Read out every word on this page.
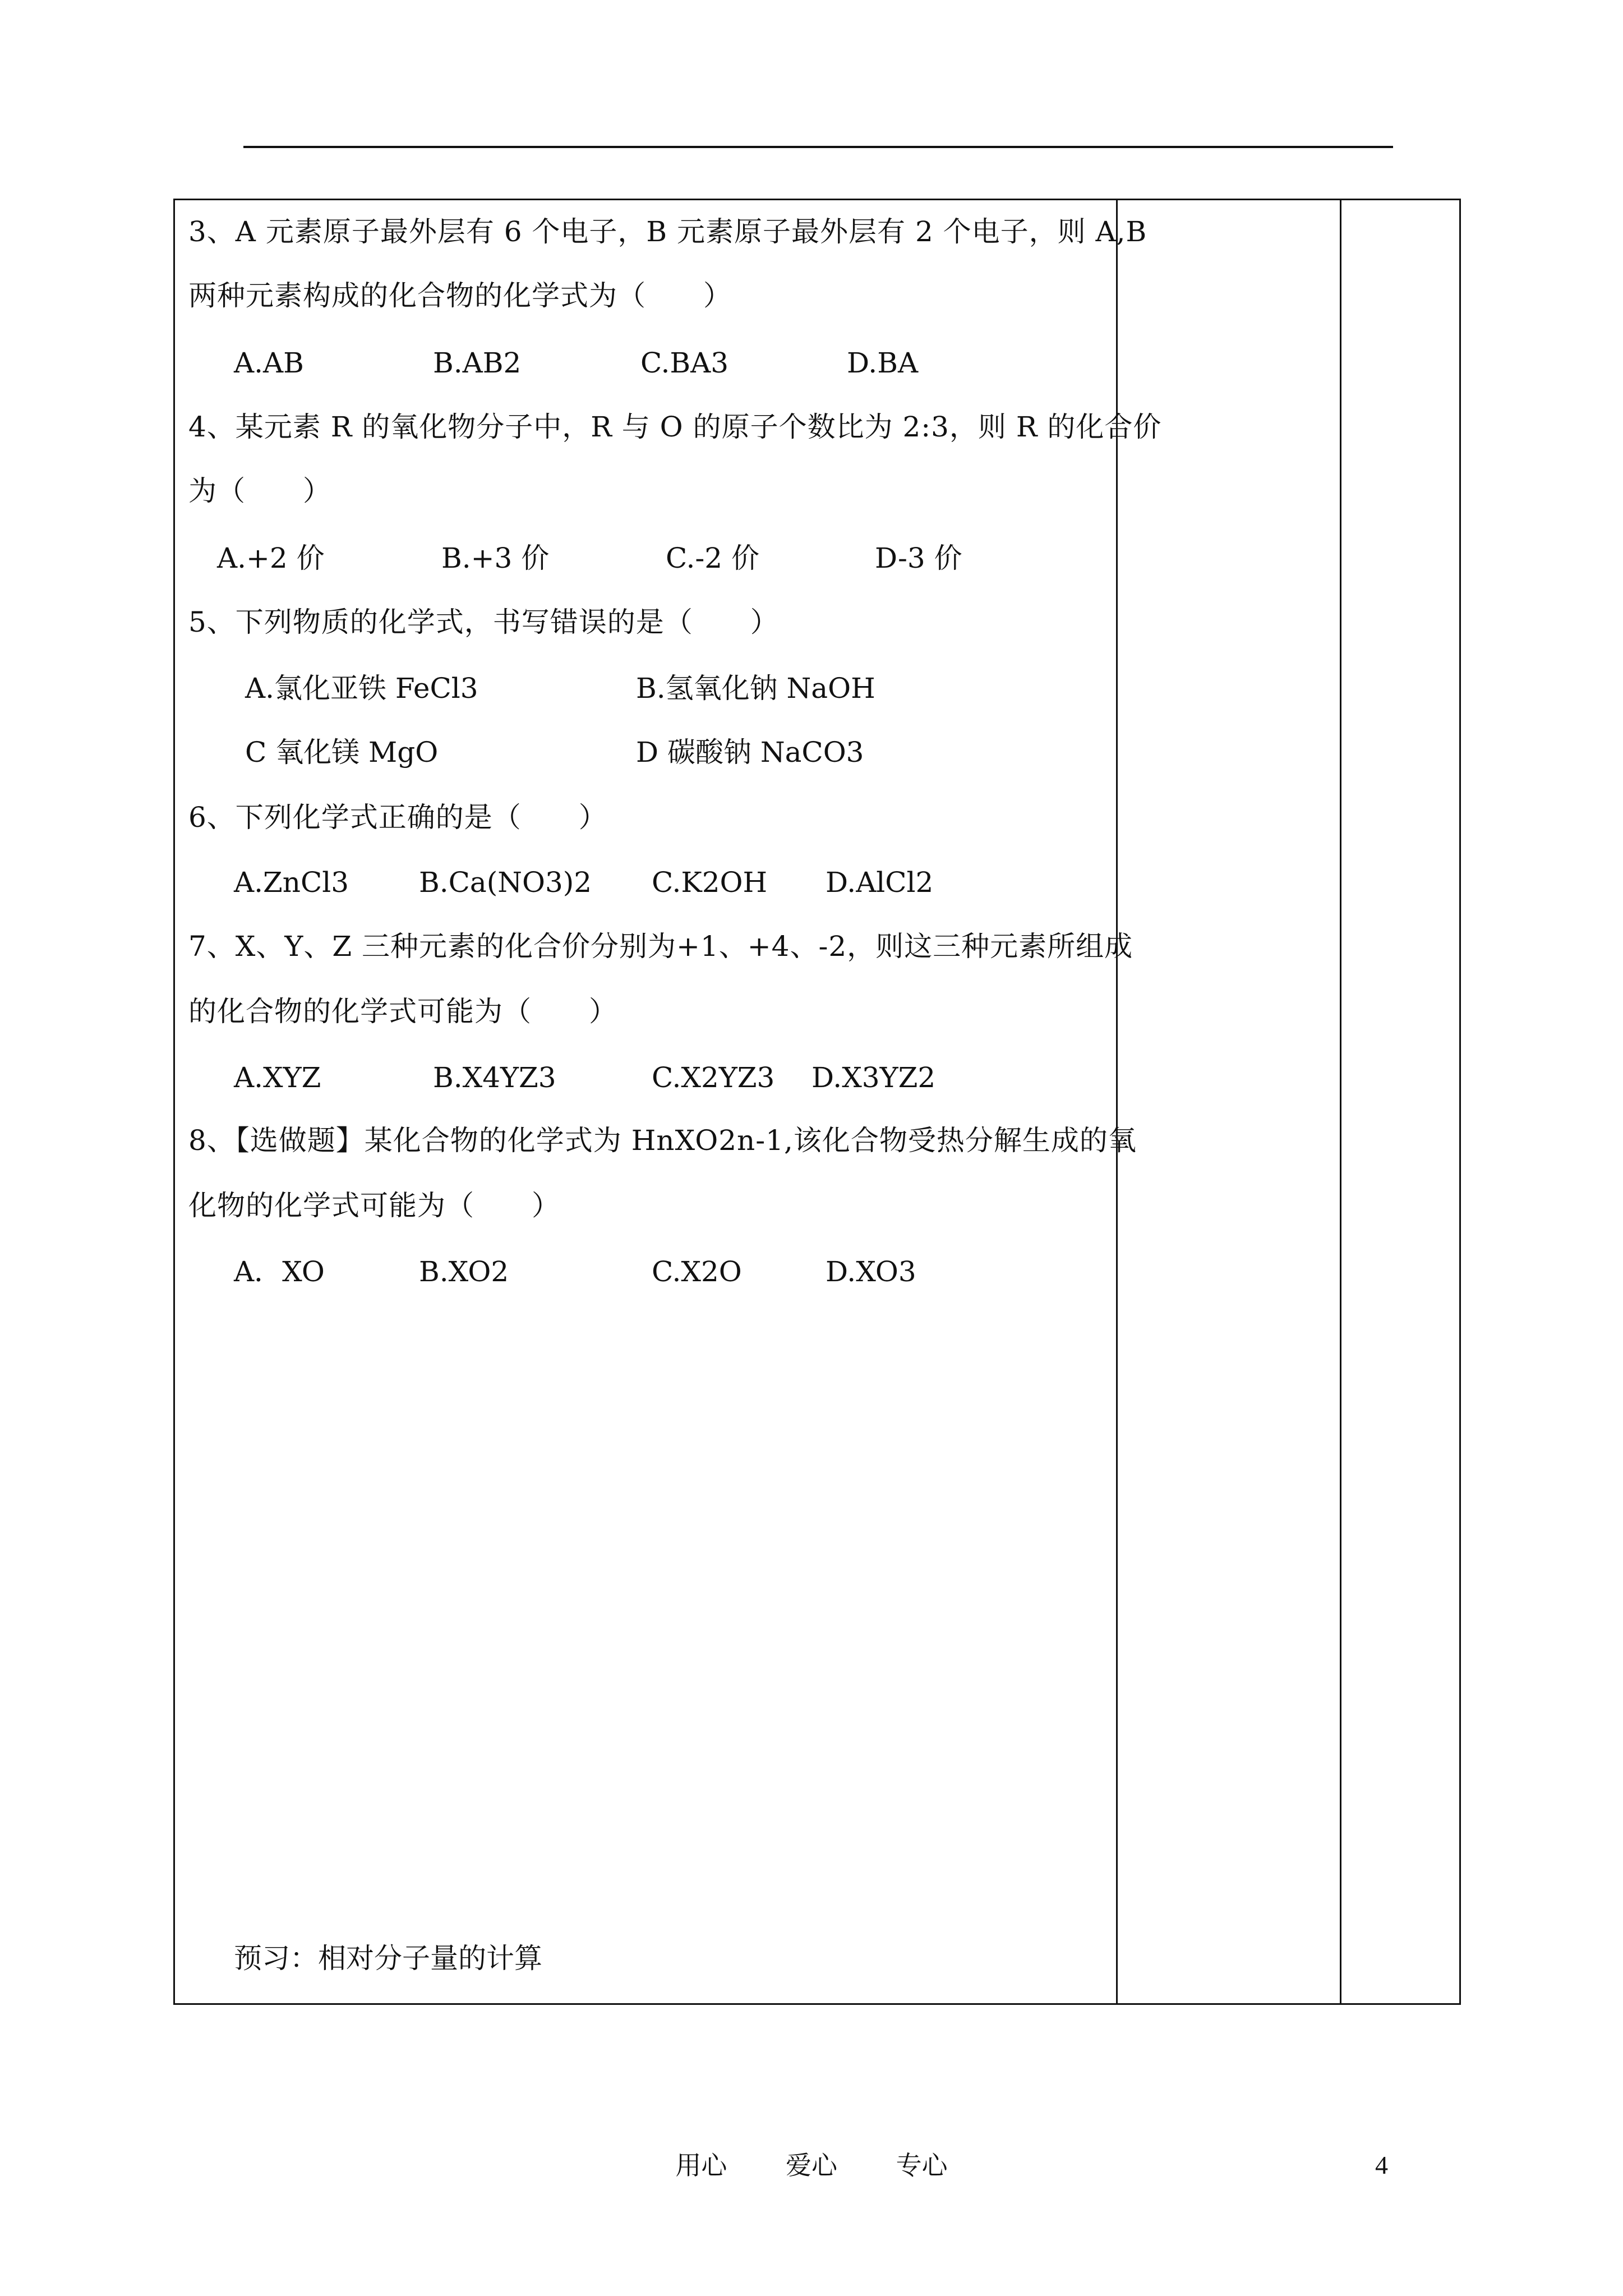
3、A 元素原子最外层有 6 个电子，B 元素原子最外层有 2 个电子，则 A,B
两种元素构成的化合物的化学式为（　　）
A.AB	B.AB2	C.BA3	D.BA
4、某元素 R 的氧化物分子中，R 与 O 的原子个数比为 2:3，则 R 的化合价
为（　　）
A.+2 价	B.+3 价	C.-2 价	D-3 价
5、下列物质的化学式，书写错误的是（　　）
A.氯化亚铁 FeCl3	B.氢氧化钠 NaOH
C 氧化镁 MgO	D 碳酸钠 NaCO3
6、下列化学式正确的是（　　）
A.ZnCl3 B.Ca(NO3)2 C.K2OH D.AlCl2
7、X、Y、Z 三种元素的化合价分别为+1、+4、-2，则这三种元素所组成
的化合物的化学式可能为（　　）
A.XYZ	B.X4YZ3	C.X2YZ3 D.X3YZ2
8、【选做题】某化合物的化学式为 HnXO2n-1,该化合物受热分解生成的氧
化物的化学式可能为（　　）
A．XO	B.XO2	C.X2O	D.XO3
预习：相对分子量的计算
用心 爱心 专心	4
